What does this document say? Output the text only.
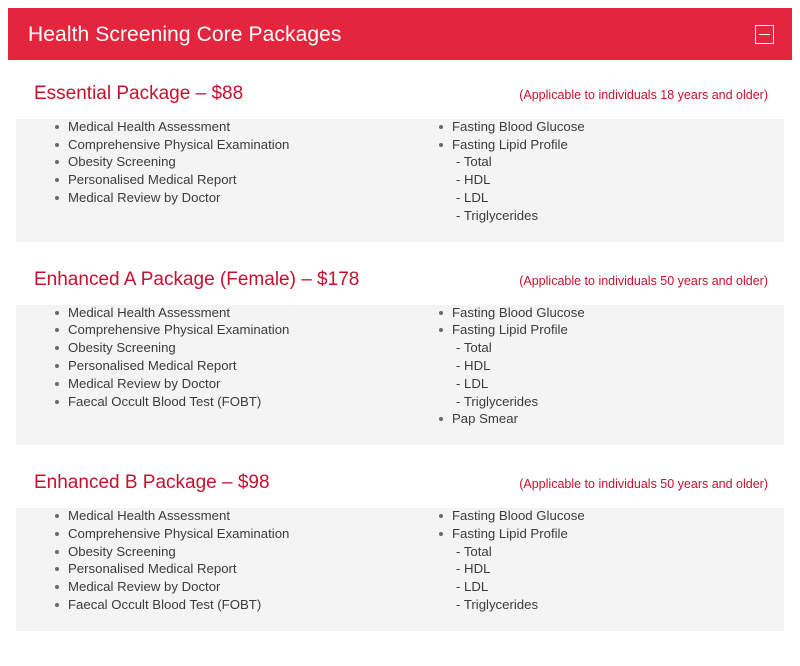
Health Screening Core Packages
Essential Package – $88	(Applicable to individuals 18 years and older)
Medical Health Assessment
Comprehensive Physical Examination
Obesity Screening
Personalised Medical Report
Medical Review by Doctor
Fasting Blood Glucose
Fasting Lipid Profile
- Total
- HDL
- LDL
- Triglycerides
Enhanced A Package (Female) – $178	(Applicable to individuals 50 years and older)
Medical Health Assessment
Comprehensive Physical Examination
Obesity Screening
Personalised Medical Report
Medical Review by Doctor
Faecal Occult Blood Test (FOBT)
Fasting Blood Glucose
Fasting Lipid Profile
- Total
- HDL
- LDL
- Triglycerides
Pap Smear
Enhanced B Package – $98	(Applicable to individuals 50 years and older)
Medical Health Assessment
Comprehensive Physical Examination
Obesity Screening
Personalised Medical Report
Medical Review by Doctor
Faecal Occult Blood Test (FOBT)
Fasting Blood Glucose
Fasting Lipid Profile
- Total
- HDL
- LDL
- Triglycerides
